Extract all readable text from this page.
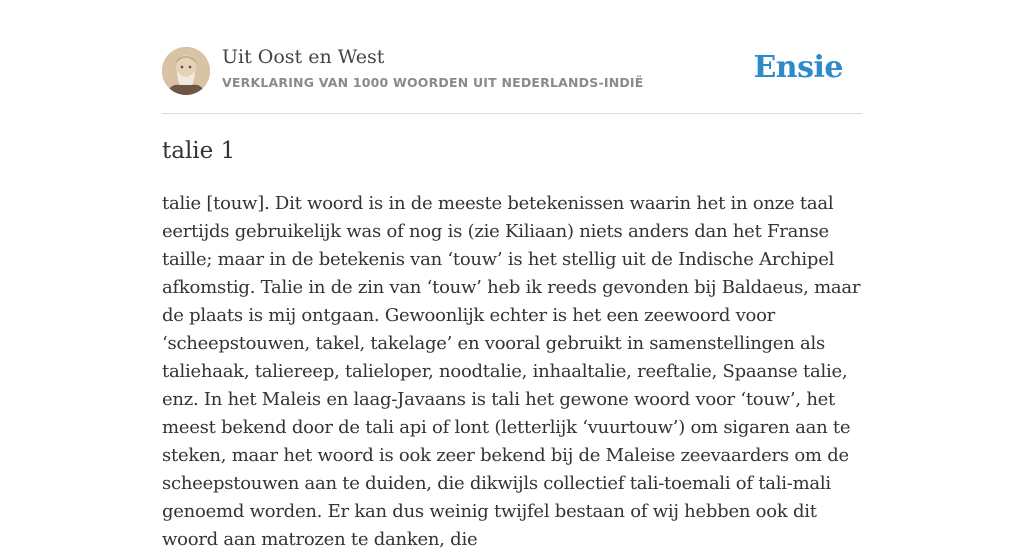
Uit Oost en West
VERKLARING VAN 1000 WOORDEN UIT NEDERLANDS-INDIË	Ensie
talie 1

talie [touw]. Dit woord is in de meeste betekenissen waarin het in onze taal eertijds gebruikelijk was of nog is (zie Kiliaan) niets anders dan het Franse taille; maar in de betekenis van ‘touw’ is het stellig uit de Indische Archipel afkomstig. Talie in de zin van ‘touw’ heb ik reeds gevonden bij Baldaeus, maar de plaats is mij ontgaan. Gewoonlijk echter is het een zeewoord voor ‘scheepstouwen, takel, takelage’ en vooral gebruikt in samenstellingen als taliehaak, taliereep, talieloper, noodtalie, inhaaltalie, reeftalie, Spaanse talie, enz. In het Maleis en laag-Javaans is tali het gewone woord voor ‘touw’, het meest bekend door de tali api of lont (letterlijk ‘vuurtouw’) om sigaren aan te steken, maar het woord is ook zeer bekend bij de Maleise zeevaarders om de scheepstouwen aan te duiden, die dikwijls collectief tali-toemali of tali-mali genoemd worden. Er kan dus weinig twijfel bestaan of wij hebben ook dit woord aan matrozen te danken, die
